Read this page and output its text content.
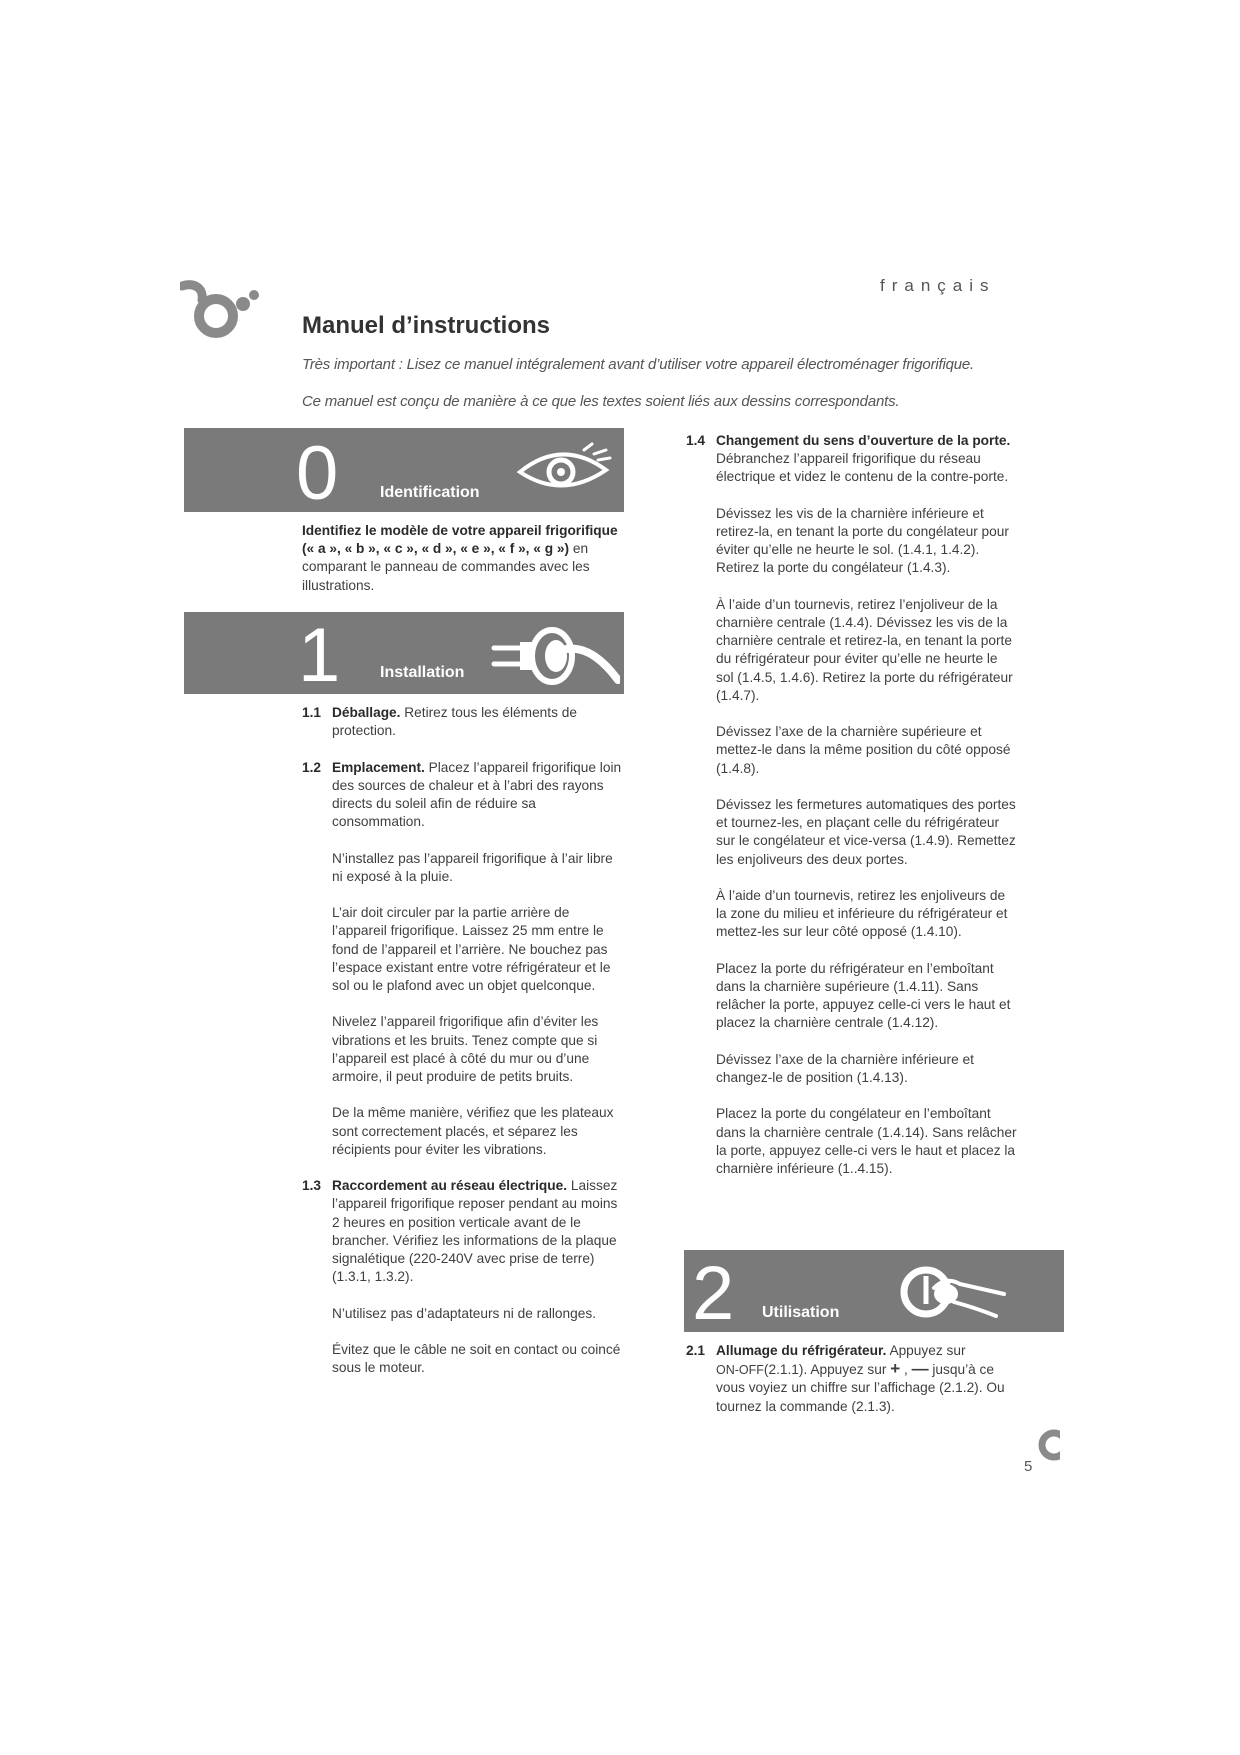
français
Manuel d’instructions
Très important : Lisez ce manuel intégralement avant d’utiliser votre appareil électroménager frigorifique.
Ce manuel est conçu de manière à ce que les textes soient liés aux dessins correspondants.
0	Identification
Identifiez le modèle de votre appareil frigorifique (« a », « b », « c », « d », « e », « f », « g ») en comparant le panneau de commandes avec les illustrations.
1 Installation
1.1 Déballage. Retirez tous les éléments de protection.
1.2 Emplacement. Placez l’appareil frigorifique loin des sources de chaleur et à l’abri des rayons directs du soleil afin de réduire sa consommation.
N’installez pas l’appareil frigorifique à l’air libre ni exposé à la pluie.
L’air doit circuler par la partie arrière de l’appareil frigorifique. Laissez 25 mm entre le fond de l’appareil et l’arrière. Ne bouchez pas l’espace existant entre votre réfrigérateur et le sol ou le plafond avec un objet quelconque.
Nivelez l’appareil frigorifique afin d’éviter les vibrations et les bruits. Tenez compte que si l’appareil est placé à côté du mur ou d’une armoire, il peut produire de petits bruits.
De la même manière, vérifiez que les plateaux sont correctement placés, et séparez les récipients pour éviter les vibrations.
1.3 Raccordement au réseau électrique. Laissez l’appareil frigorifique reposer pendant au moins 2 heures en position verticale avant de le brancher. Vérifiez les informations de la plaque signalétique (220-240V avec prise de terre) (1.3.1, 1.3.2).
N’utilisez pas d’adaptateurs ni de rallonges.
Évitez que le câble ne soit en contact ou coincé sous le moteur.
1.4 Changement du sens d’ouverture de la porte. Débranchez l’appareil frigorifique du réseau électrique et videz le contenu de la contre-porte.
Dévissez les vis de la charnière inférieure et retirez-la, en tenant la porte du congélateur pour éviter qu’elle ne heurte le sol. (1.4.1, 1.4.2). Retirez la porte du congélateur (1.4.3).
À l’aide d’un tournevis, retirez l’enjoliveur de la charnière centrale (1.4.4). Dévissez les vis de la charnière centrale et retirez-la, en tenant la porte du réfrigérateur pour éviter qu’elle ne heurte le sol (1.4.5, 1.4.6). Retirez la porte du réfrigérateur (1.4.7).
Dévissez l’axe de la charnière supérieure et mettez-le dans la même position du côté opposé (1.4.8).
Dévissez les fermetures automatiques des portes et tournez-les, en plaçant celle du réfrigérateur sur le congélateur et vice-versa (1.4.9). Remettez les enjoliveurs des deux portes.
À l’aide d’un tournevis, retirez les enjoliveurs de la zone du milieu et inférieure du réfrigérateur et mettez-les sur leur côté opposé (1.4.10).
Placez la porte du réfrigérateur en l’emboîtant dans la charnière supérieure (1.4.11). Sans relâcher la porte, appuyez celle-ci vers le haut et placez la charnière centrale (1.4.12).
Dévissez l’axe de la charnière inférieure et changez-le de position (1.4.13).
Placez la porte du congélateur en l’emboîtant dans la charnière centrale (1.4.14). Sans relâcher la porte, appuyez celle-ci vers le haut et placez la charnière inférieure (1..4.15).
2 Utilisation
2.1 Allumage du réfrigérateur. Appuyez sur
ON-OFF(2.1.1). Appuyez sur + , — jusqu’à ce vous voyiez un chiffre sur l’affichage (2.1.2). Ou tournez la commande (2.1.3).
5
